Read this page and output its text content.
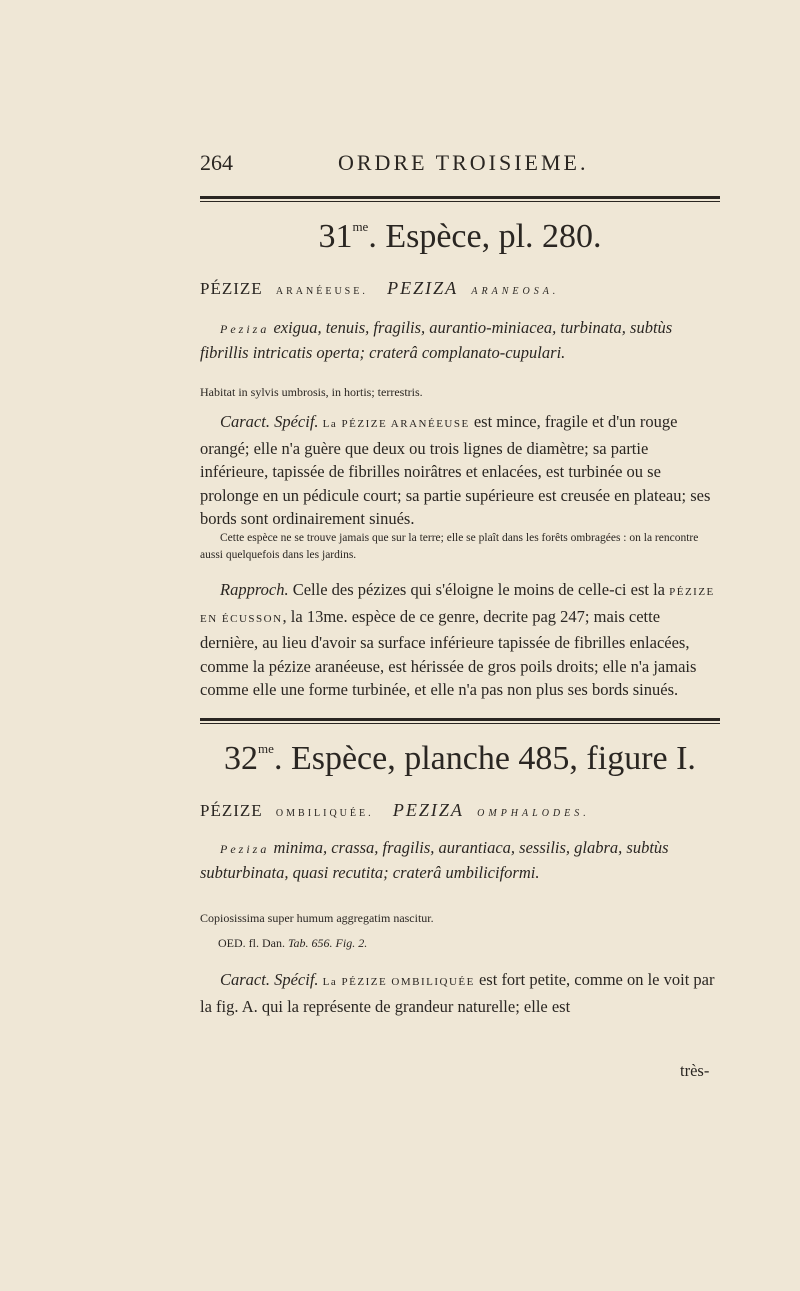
264	ORDRE TROISIEME.
$31^{me}$. Espèce, pl. 280.
PÉZIZE ARANÉEUSE. PEZIZA ARANEOSA.

Peziza exigua, tenuis, fragilis, aurantio-miniacea, turbinata, subtùs fibrillis intricatis operta; craterâ complanato-cupulari.

Habitat in sylvis umbrosis, in hortis; terrestris.

Caract. Spécif. La PÉZIZE ARANÉEUSE est mince, fragile et d'un rouge orangé; elle n'a guère que deux ou trois lignes de diamètre; sa partie inférieure, tapissée de fibrilles noirâtres et enlacées, est turbinée ou se prolonge en un pédicule court; sa partie supérieure est creusée en plateau; ses bords sont ordinairement sinués.

Cette espèce ne se trouve jamais que sur la terre; elle se plaît dans les forêts ombragées : on la rencontre aussi quelquefois dans les jardins.

Rapproch. Celle des pézizes qui s'éloigne le moins de celle-ci est la PÉZIZE EN ÉCUSSON, la 13me. espèce de ce genre, decrite pag 247; mais cette dernière, au lieu d'avoir sa surface inférieure tapissée de fibrilles enlacées, comme la pézize aranéeuse, est hérissée de gros poils droits; elle n'a jamais comme elle une forme turbinée, et elle n'a pas non plus ses bords sinués.

$32^{me}$. Espèce, planche 485, figure I.
PÉZIZE OMBILIQUÉE. PEZIZA OMPHALODES.

Peziza minima, crassa, fragilis, aurantiaca, sessilis, glabra, subtùs subturbinata, quasi recutita; craterâ umbiliciformi.

Copiosissima super humum aggregatim nascitur.

OED. fl. Dan. Tab. 656. Fig. 2.

Caract. Spécif. La PÉZIZE OMBILIQUÉE est fort petite, comme on le voit par la fig. A. qui la représente de grandeur naturelle; elle est

très-
